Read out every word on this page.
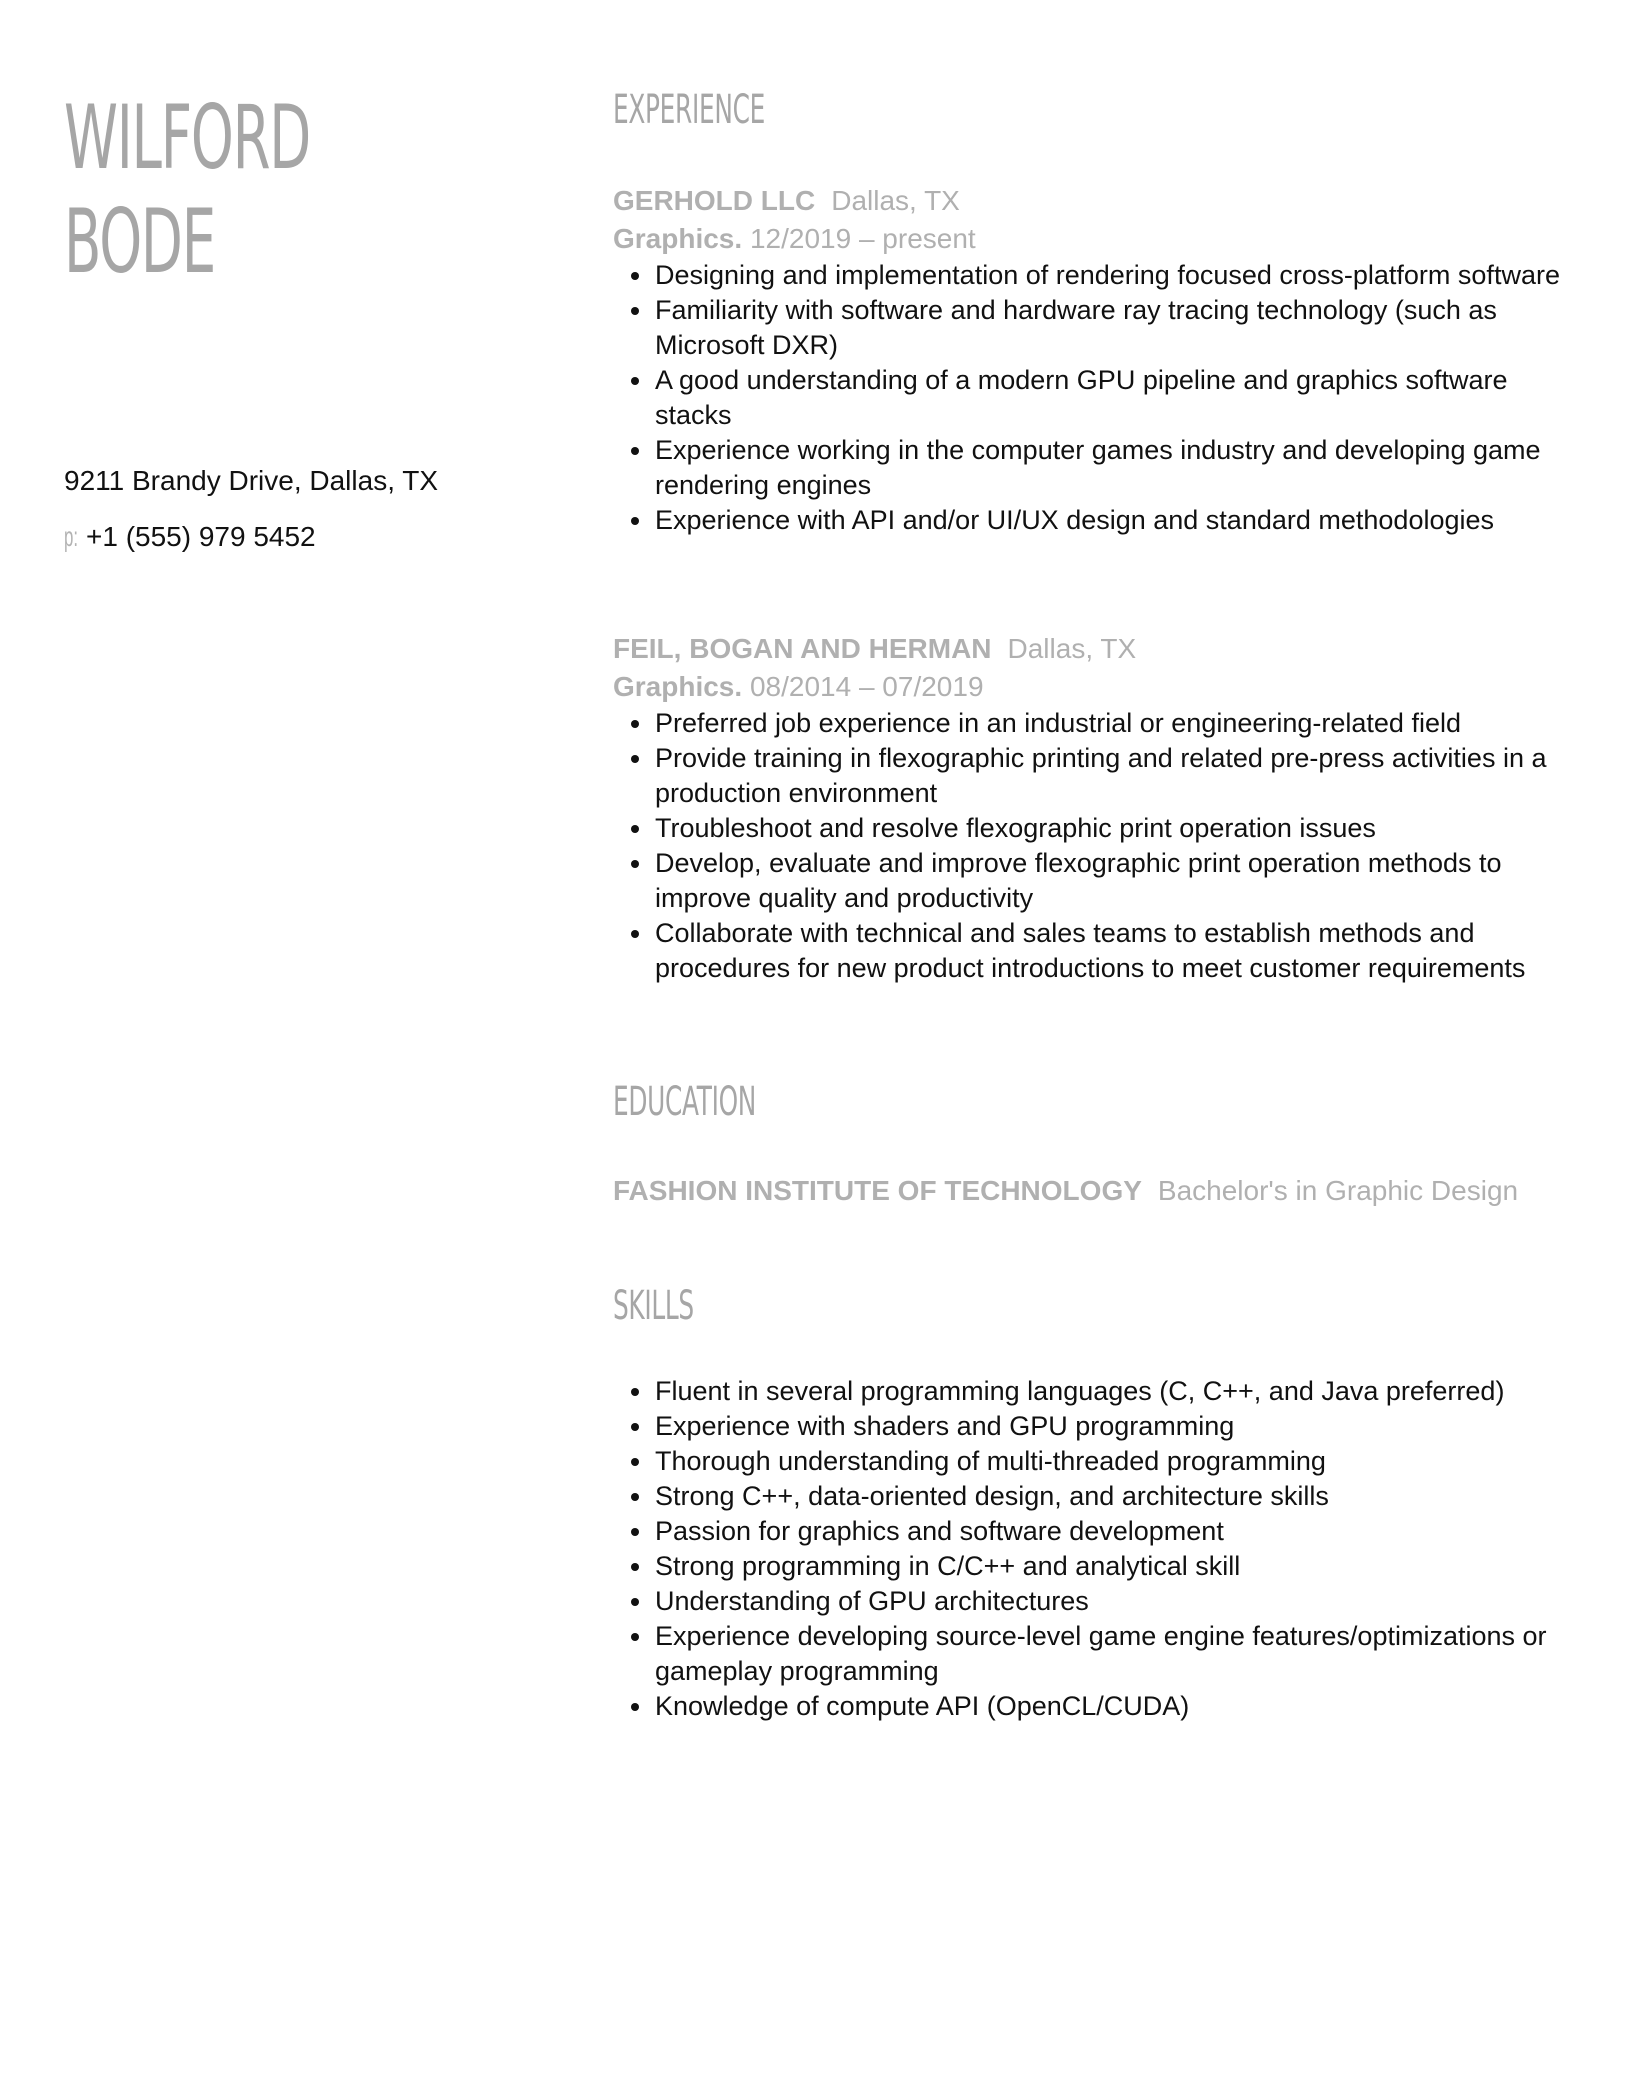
WILFORD
BODE
9211 Brandy Drive, Dallas, TX
p: +1 (555) 979 5452
EXPERIENCE
GERHOLD LLC Dallas, TX
Graphics. 12/2019 – present
Designing and implementation of rendering focused cross-platform software
Familiarity with software and hardware ray tracing technology (such as Microsoft DXR)
A good understanding of a modern GPU pipeline and graphics software stacks
Experience working in the computer games industry and developing game rendering engines
Experience with API and/or UI/UX design and standard methodologies
FEIL, BOGAN AND HERMAN Dallas, TX
Graphics. 08/2014 – 07/2019
Preferred job experience in an industrial or engineering-related field
Provide training in flexographic printing and related pre-press activities in a production environment
Troubleshoot and resolve flexographic print operation issues
Develop, evaluate and improve flexographic print operation methods to improve quality and productivity
Collaborate with technical and sales teams to establish methods and procedures for new product introductions to meet customer requirements
EDUCATION
FASHION INSTITUTE OF TECHNOLOGY Bachelor's in Graphic Design
SKILLS
Fluent in several programming languages (C, C++, and Java preferred)
Experience with shaders and GPU programming
Thorough understanding of multi-threaded programming
Strong C++, data-oriented design, and architecture skills
Passion for graphics and software development
Strong programming in C/C++ and analytical skill
Understanding of GPU architectures
Experience developing source-level game engine features/optimizations or gameplay programming
Knowledge of compute API (OpenCL/CUDA)
